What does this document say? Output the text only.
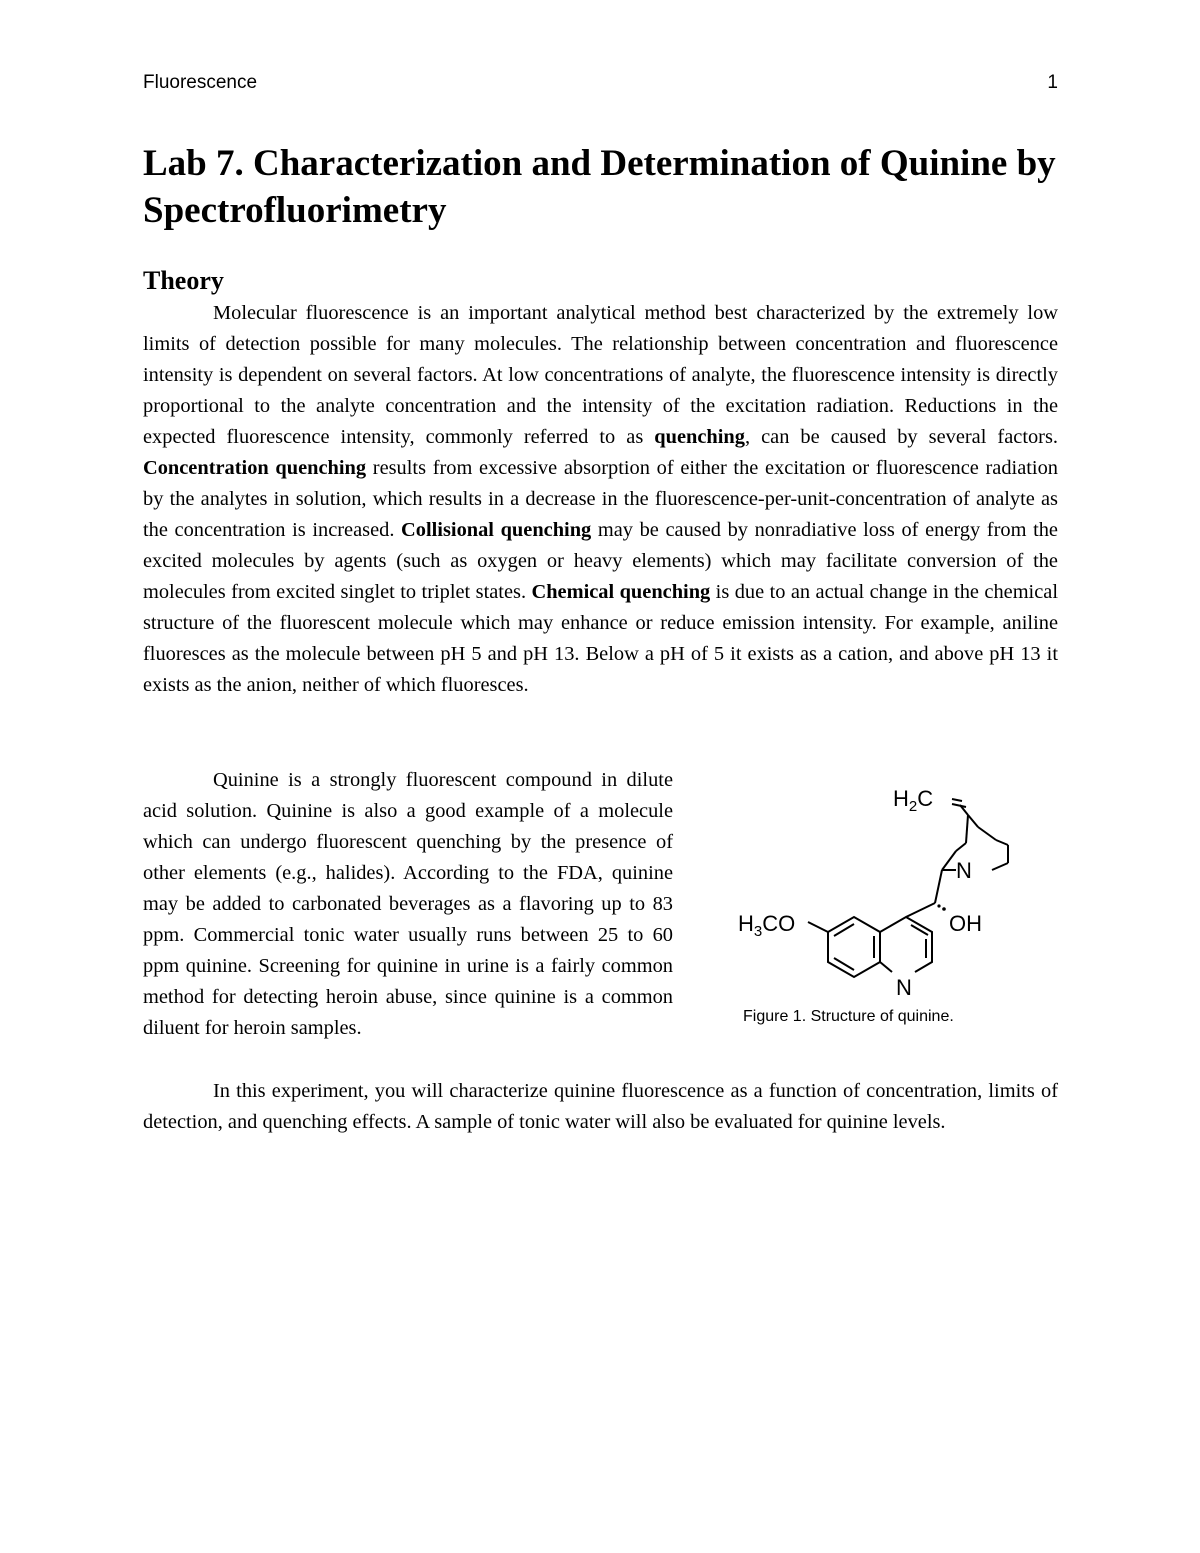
Fluorescence	1
Lab 7. Characterization and Determination of Quinine by Spectrofluorimetry
Theory

Molecular fluorescence is an important analytical method best characterized by the extremely low limits of detection possible for many molecules. The relationship between concentration and fluorescence intensity is dependent on several factors. At low concentrations of analyte, the fluorescence intensity is directly proportional to the analyte concentration and the intensity of the excitation radiation. Reductions in the expected fluorescence intensity, commonly referred to as quenching, can be caused by several factors. Concentration quenching results from excessive absorption of either the excitation or fluorescence radiation by the analytes in solution, which results in a decrease in the fluorescence-per-unit-concentration of analyte as the concentration is increased. Collisional quenching may be caused by nonradiative loss of energy from the excited molecules by agents (such as oxygen or heavy elements) which may facilitate conversion of the molecules from excited singlet to triplet states. Chemical quenching is due to an actual change in the chemical structure of the fluorescent molecule which may enhance or reduce emission intensity. For example, aniline fluoresces as the molecule between pH 5 and pH 13. Below a pH of 5 it exists as a cation, and above pH 13 it exists as the anion, neither of which fluoresces.

Quinine is a strongly fluorescent compound in dilute acid solution. Quinine is also a good example of a molecule which can undergo fluorescent quenching by the presence of other elements (e.g., halides). According to the FDA, quinine may be added to carbonated beverages as a flavoring up to 83 ppm. Commercial tonic water usually runs between 25 to 60 ppm quinine. Screening for quinine in urine is a fairly common method for detecting heroin abuse, since quinine is a common diluent for heroin samples.

$H_2C$
N
OH
$H_3CO$
N
Figure 1. Structure of quinine.

In this experiment, you will characterize quinine fluorescence as a function of concentration, limits of detection, and quenching effects. A sample of tonic water will also be evaluated for quinine levels.
